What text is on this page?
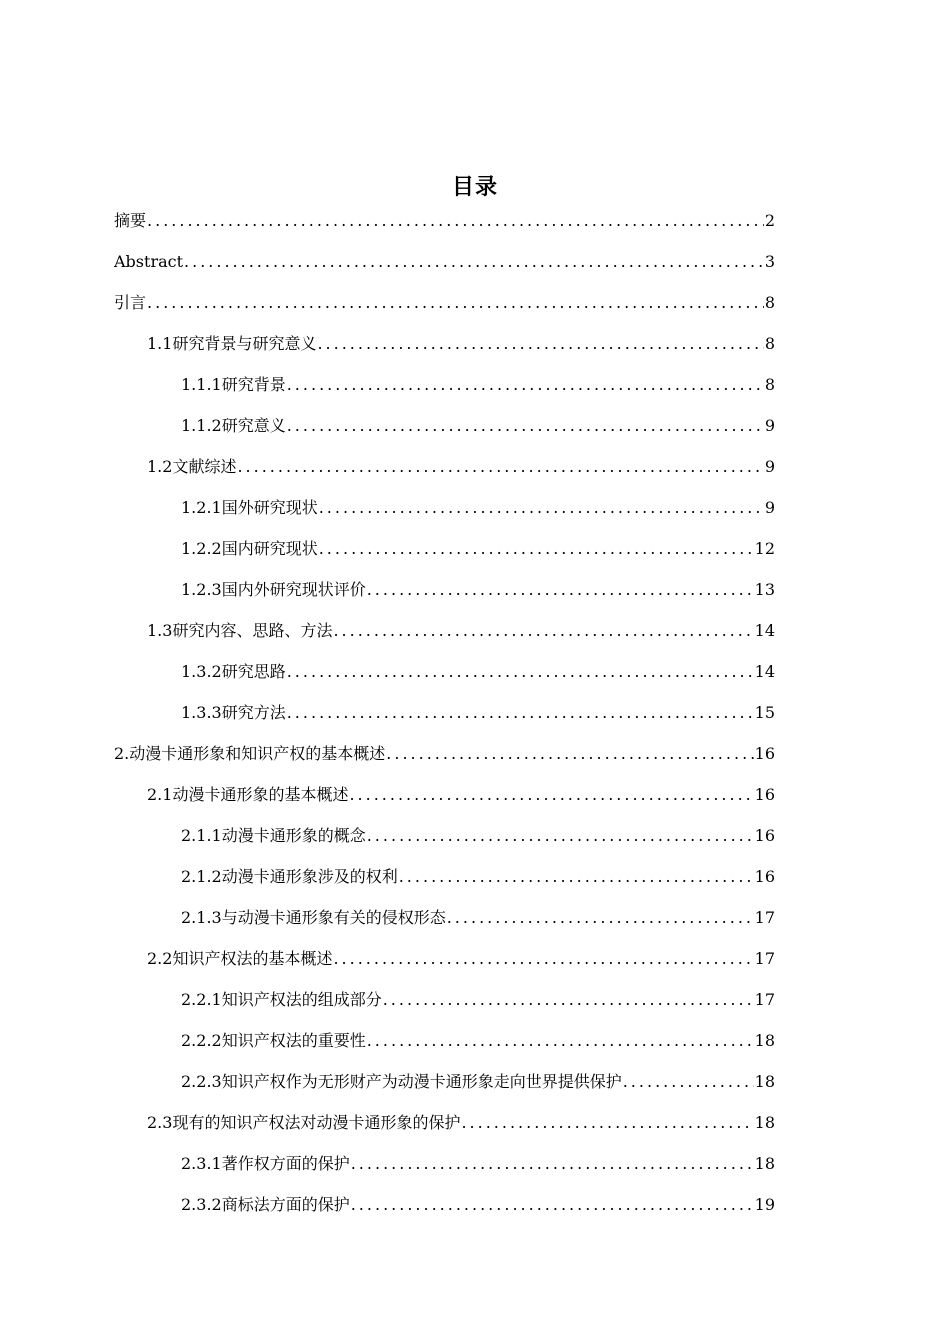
目录
摘要 .....	2
Abstract .....	3
引言 .....	8
1.1研究背景与研究意义 .....	8
1.1.1研究背景 .....	8
1.1.2研究意义 .....	9
1.2文献综述 .....	9
1.2.1国外研究现状 .....	9
1.2.2国内研究现状 .....	12
1.2.3国内外研究现状评价 .....	13
1.3研究内容、思路、方法 .....	14
1.3.2研究思路 .....	14
1.3.3研究方法 .....	15
2.动漫卡通形象和知识产权的基本概述 .....	16
2.1动漫卡通形象的基本概述 .....	16
2.1.1动漫卡通形象的概念 .....	16
2.1.2动漫卡通形象涉及的权利 .....	16
2.1.3与动漫卡通形象有关的侵权形态 .....	17
2.2知识产权法的基本概述 .....	17
2.2.1知识产权法的组成部分 .....	17
2.2.2知识产权法的重要性 .....	18
2.2.3知识产权作为无形财产为动漫卡通形象走向世界提供保护 .....	18
2.3现有的知识产权法对动漫卡通形象的保护 .....	18
2.3.1著作权方面的保护 .....	18
2.3.2商标法方面的保护 .....	19
